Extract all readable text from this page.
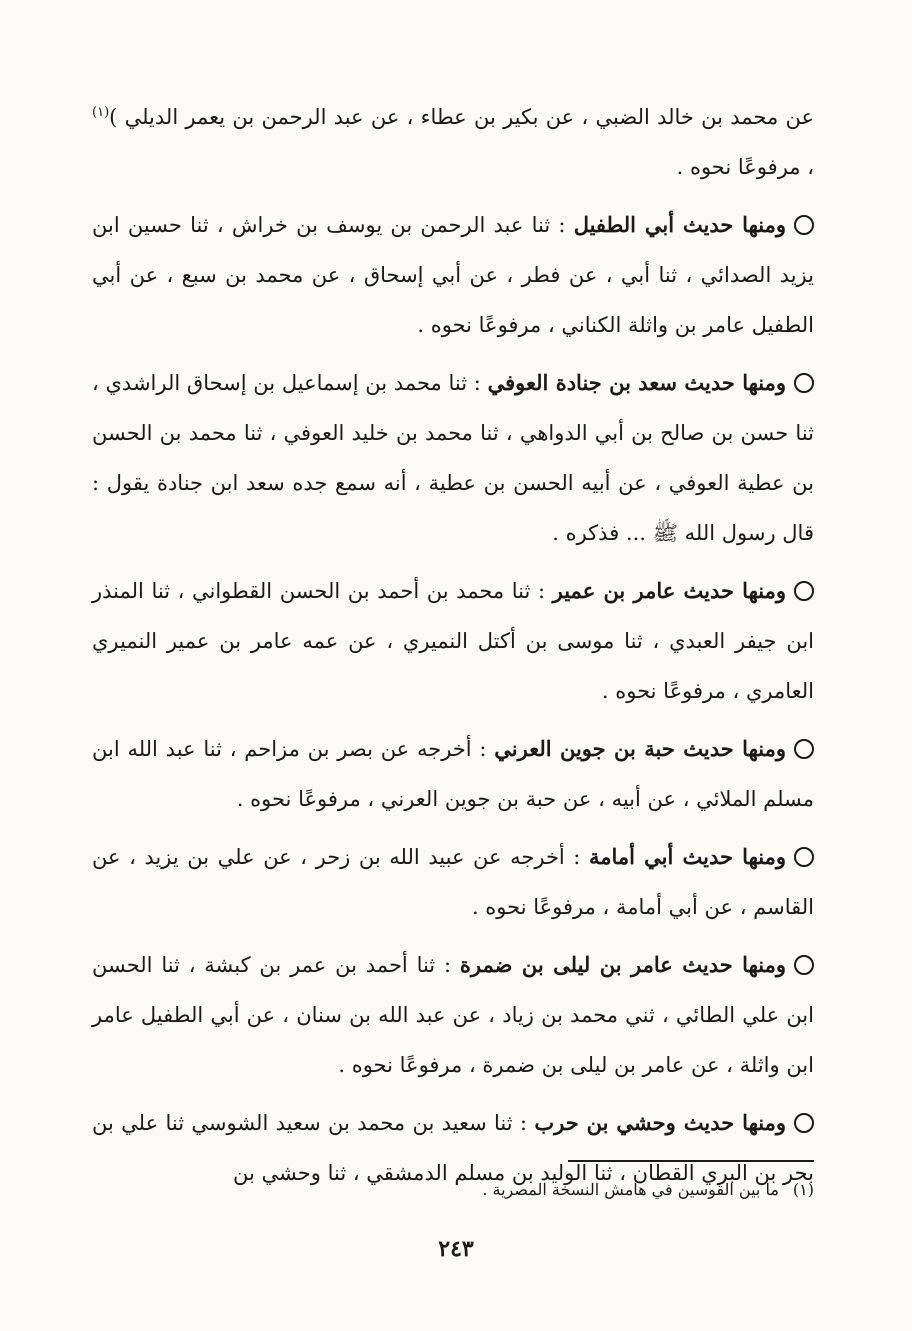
عن محمد بن خالد الضبي ، عن بكير بن عطاء ، عن عبد الرحمن بن يعمر الديلي )$^{(١)}$ ، مرفوعًا نحوه .

ومنها حديث أبي الطفيل : ثنا عبد الرحمن بن يوسف بن خراش ، ثنا حسين ابن يزيد الصدائي ، ثنا أبي ، عن فطر ، عن أبي إسحاق ، عن محمد بن سبع ، عن أبي الطفيل عامر بن واثلة الكناني ، مرفوعًا نحوه .

ومنها حديث سعد بن جنادة العوفي : ثنا محمد بن إسماعيل بن إسحاق الراشدي ، ثنا حسن بن صالح بن أبي الدواهي ، ثنا محمد بن خليد العوفي ، ثنا محمد بن الحسن بن عطية العوفي ، عن أبيه الحسن بن عطية ، أنه سمع جده سعد ابن جنادة يقول : قال رسول الله ﷺ ... فذكره .

ومنها حديث عامر بن عمير : ثنا محمد بن أحمد بن الحسن القطواني ، ثنا المنذر ابن جيفر العبدي ، ثنا موسى بن أكتل النميري ، عن عمه عامر بن عمير النميري العامري ، مرفوعًا نحوه .

ومنها حديث حبة بن جوين العرني : أخرجه عن بصر بن مزاحم ، ثنا عبد الله ابن مسلم الملائي ، عن أبيه ، عن حبة بن جوين العرني ، مرفوعًا نحوه .

ومنها حديث أبي أمامة : أخرجه عن عبيد الله بن زحر ، عن علي بن يزيد ، عن القاسم ، عن أبي أمامة ، مرفوعًا نحوه .

ومنها حديث عامر بن ليلى بن ضمرة : ثنا أحمد بن عمر بن كبشة ، ثنا الحسن ابن علي الطائي ، ثني محمد بن زياد ، عن عبد الله بن سنان ، عن أبي الطفيل عامر ابن واثلة ، عن عامر بن ليلى بن ضمرة ، مرفوعًا نحوه .

ومنها حديث وحشي بن حرب : ثنا سعيد بن محمد بن سعيد الشوسي ثنا علي بن بحر بن البري القطان ، ثنا الوليد بن مسلم الدمشقي ، ثنا وحشي بن

(١)ما بين القوسين في هامش النسخة المصرية .
٢٤٣
